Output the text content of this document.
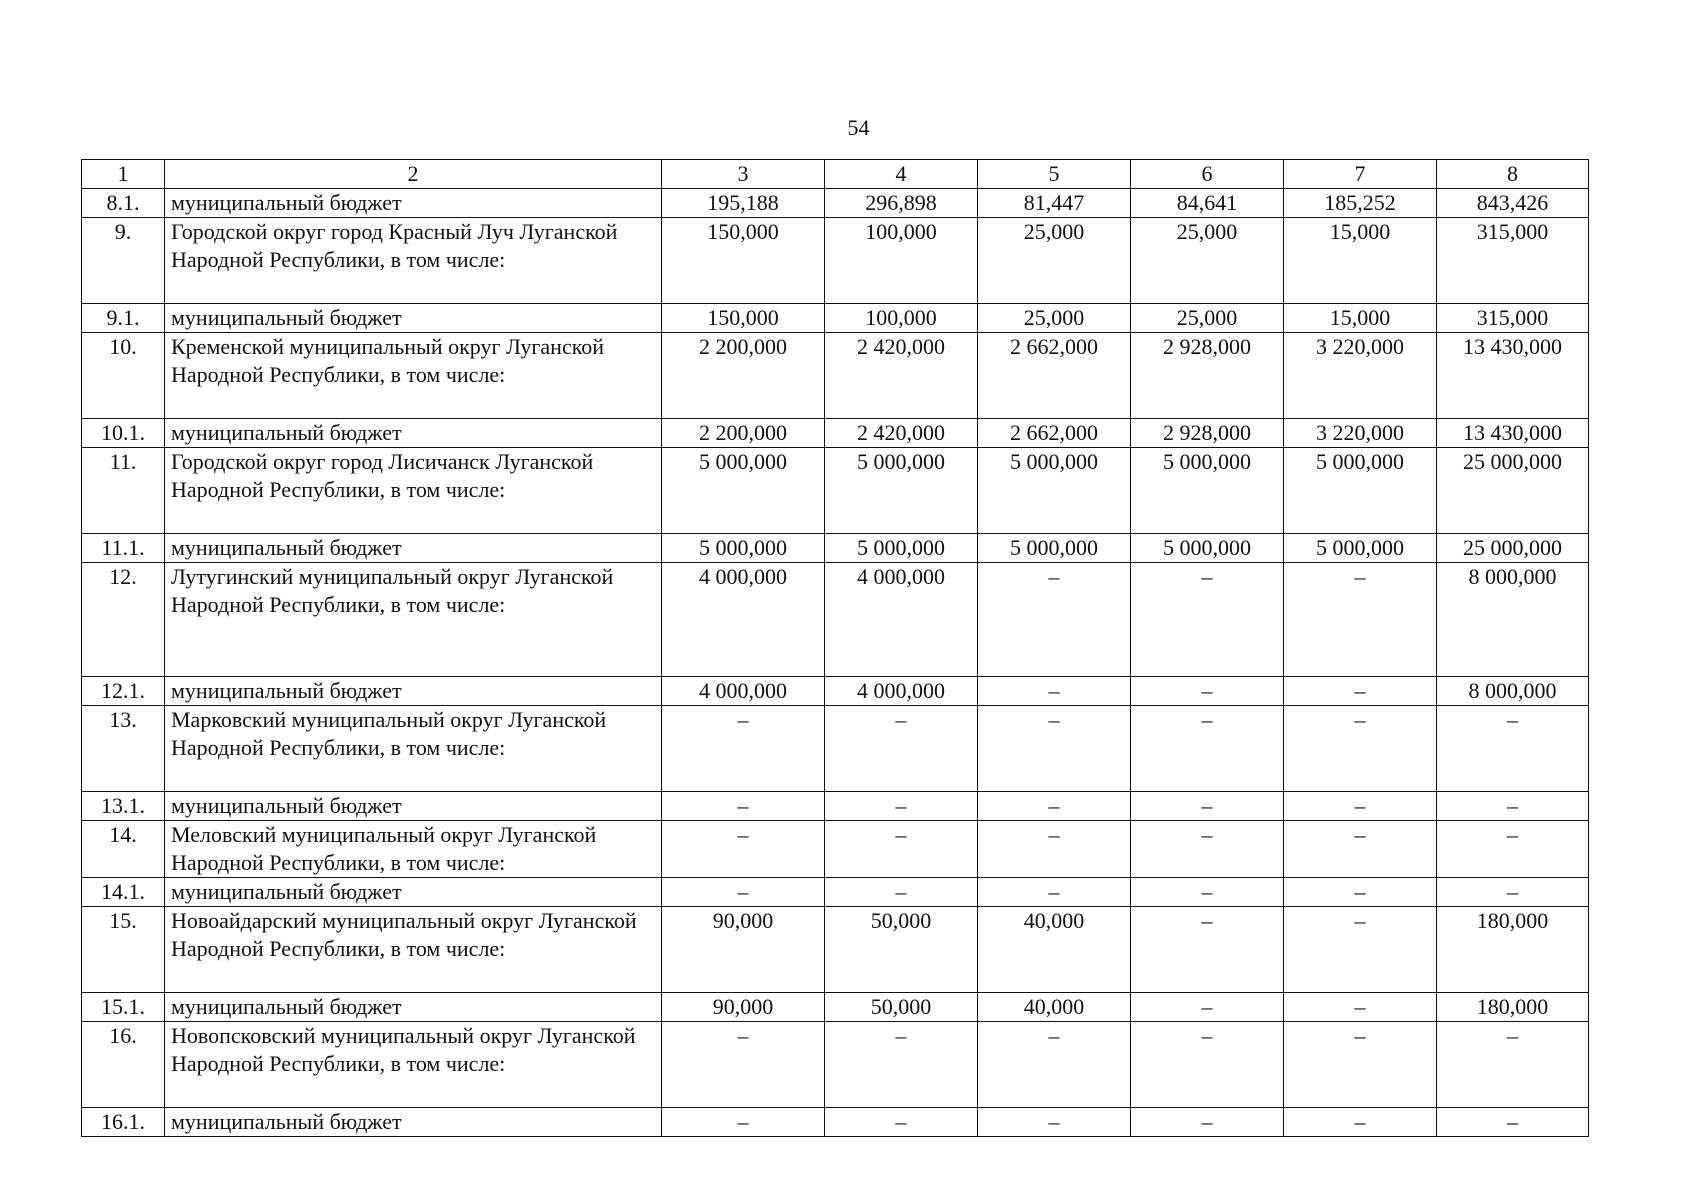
54
1	2	3	4	5	6	7	8
8.1.	муниципальный бюджет	195,188	296,898	81,447	84,641	185,252	843,426
9.	Городской округ город Красный Луч Луганской Народной Республики, в том числе:	150,000	100,000	25,000	25,000	15,000	315,000
9.1.	муниципальный бюджет	150,000	100,000	25,000	25,000	15,000	315,000
10.	Кременской муниципальный округ Луганской Народной Республики, в том числе:	2 200,000	2 420,000	2 662,000	2 928,000	3 220,000	13 430,000
10.1.	муниципальный бюджет	2 200,000	2 420,000	2 662,000	2 928,000	3 220,000	13 430,000
11.	Городской округ город Лисичанск Луганской Народной Республики, в том числе:	5 000,000	5 000,000	5 000,000	5 000,000	5 000,000	25 000,000
11.1.	муниципальный бюджет	5 000,000	5 000,000	5 000,000	5 000,000	5 000,000	25 000,000
12.	Лутугинский муниципальный округ Луганской Народной Республики, в том числе:	4 000,000	4 000,000	–	–	–	8 000,000
12.1.	муниципальный бюджет	4 000,000	4 000,000	–	–	–	8 000,000
13.	Марковский муниципальный округ Луганской Народной Республики, в том числе:	–	–	–	–	–	–
13.1.	муниципальный бюджет	–	–	–	–	–	–
14.	Меловский муниципальный округ Луганской Народной Республики, в том числе:	–	–	–	–	–	–
14.1.	муниципальный бюджет	–	–	–	–	–	–
15.	Новоайдарский муниципальный округ Луганской Народной Республики, в том числе:	90,000	50,000	40,000	–	–	180,000
15.1.	муниципальный бюджет	90,000	50,000	40,000	–	–	180,000
16.	Новопсковский муниципальный округ Луганской Народной Республики, в том числе:	–	–	–	–	–	–
16.1.	муниципальный бюджет	–	–	–	–	–	–
